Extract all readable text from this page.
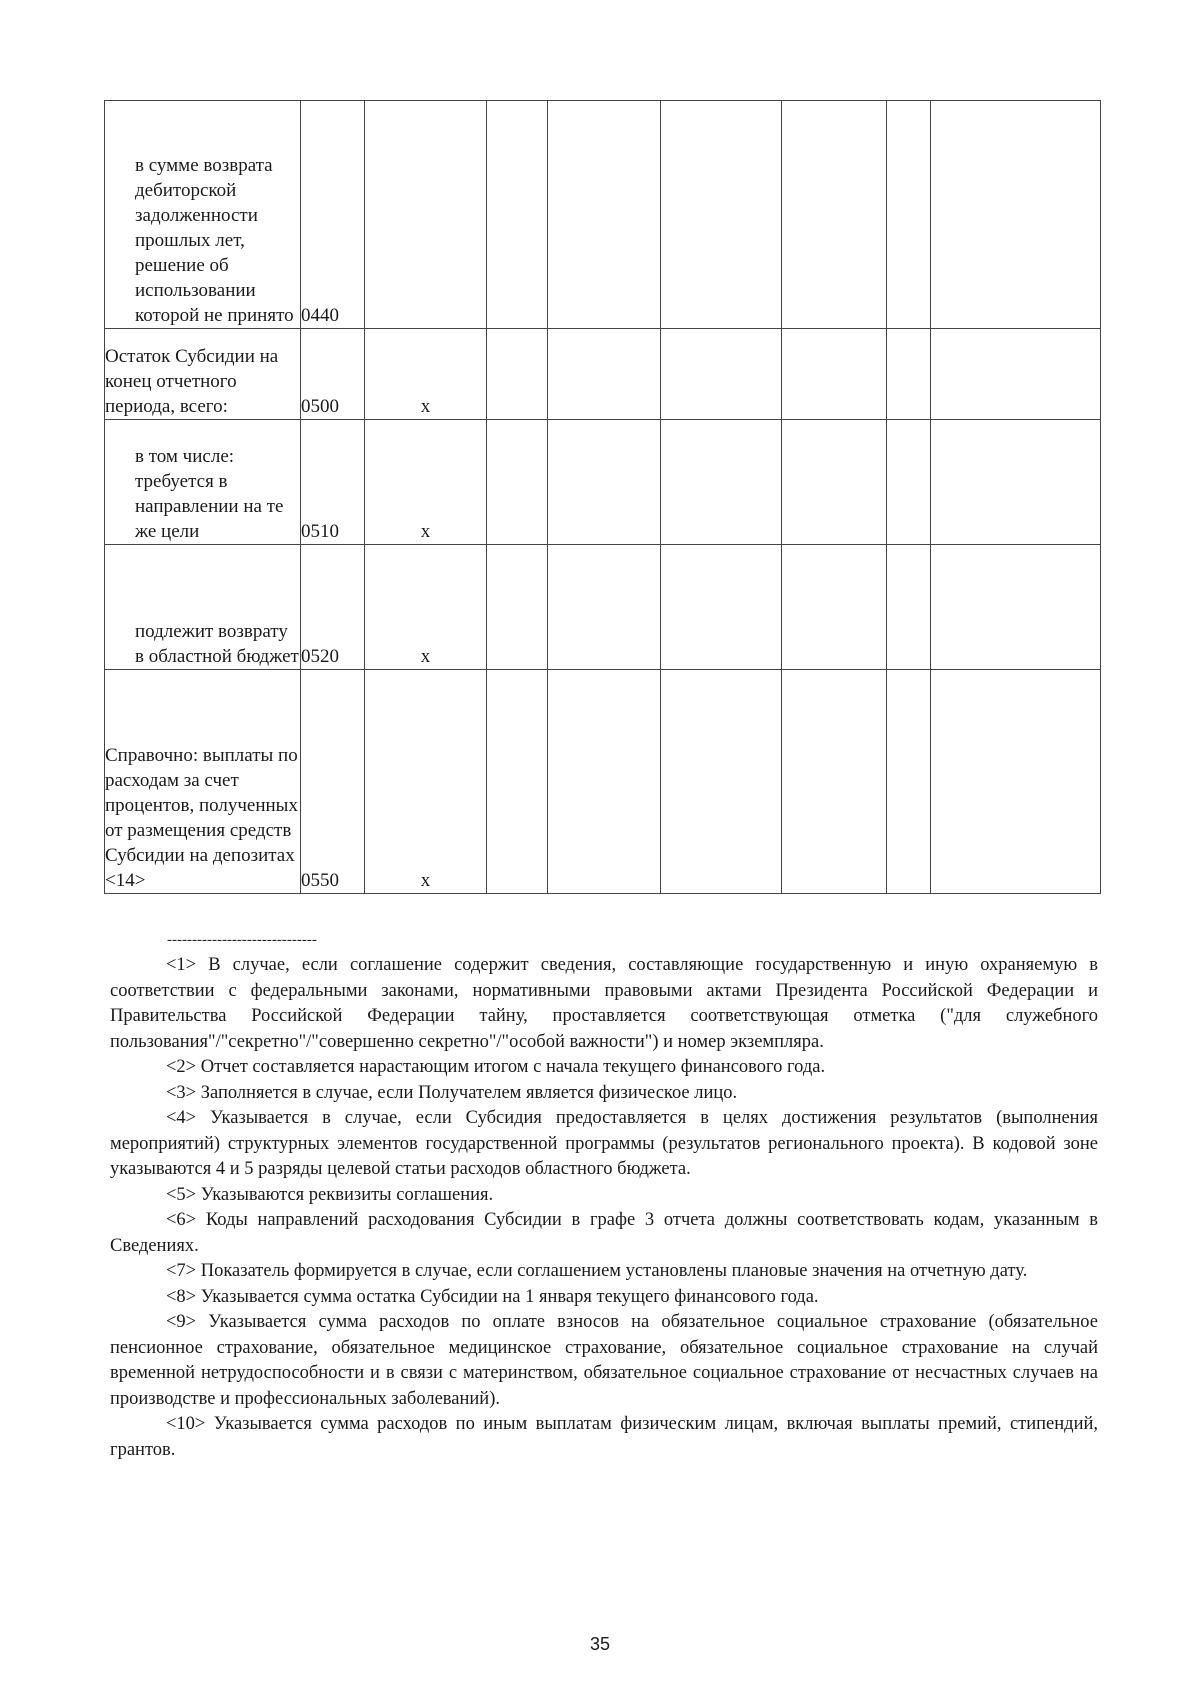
в сумме возврата дебиторской задолженности прошлых лет, решение об использовании которой не принято	0440							
Остаток Субсидии на конец отчетного периода, всего:	0500	x						
в том числе: требуется в направлении на те же цели	0510	x						
подлежит возврату в областной бюджет	0520	x						
Справочно: выплаты по расходам за счет процентов, полученных от размещения средств Субсидии на депозитах <14>	0550	x						
------------------------------

<1> В случае, если соглашение содержит сведения, составляющие государственную и иную охраняемую в соответствии с федеральными законами, нормативными правовыми актами Президента Российской Федерации и Правительства Российской Федерации тайну, проставляется соответствующая отметка ("для служебного пользования"/"секретно"/"совершенно секретно"/"особой важности") и номер экземпляра.

<2> Отчет составляется нарастающим итогом с начала текущего финансового года.

<3> Заполняется в случае, если Получателем является физическое лицо.

<4> Указывается в случае, если Субсидия предоставляется в целях достижения результатов (выполнения мероприятий) структурных элементов государственной программы (результатов регионального проекта). В кодовой зоне указываются 4 и 5 разряды целевой статьи расходов областного бюджета.

<5> Указываются реквизиты соглашения.

<6> Коды направлений расходования Субсидии в графе 3 отчета должны соответствовать кодам, указанным в Сведениях.

<7> Показатель формируется в случае, если соглашением установлены плановые значения на отчетную дату.

<8> Указывается сумма остатка Субсидии на 1 января текущего финансового года.

<9> Указывается сумма расходов по оплате взносов на обязательное социальное страхование (обязательное пенсионное страхование, обязательное медицинское страхование, обязательное социальное страхование на случай временной нетрудоспособности и в связи с материнством, обязательное социальное страхование от несчастных случаев на производстве и профессиональных заболеваний).

<10> Указывается сумма расходов по иным выплатам физическим лицам, включая выплаты премий, стипендий, грантов.

35
